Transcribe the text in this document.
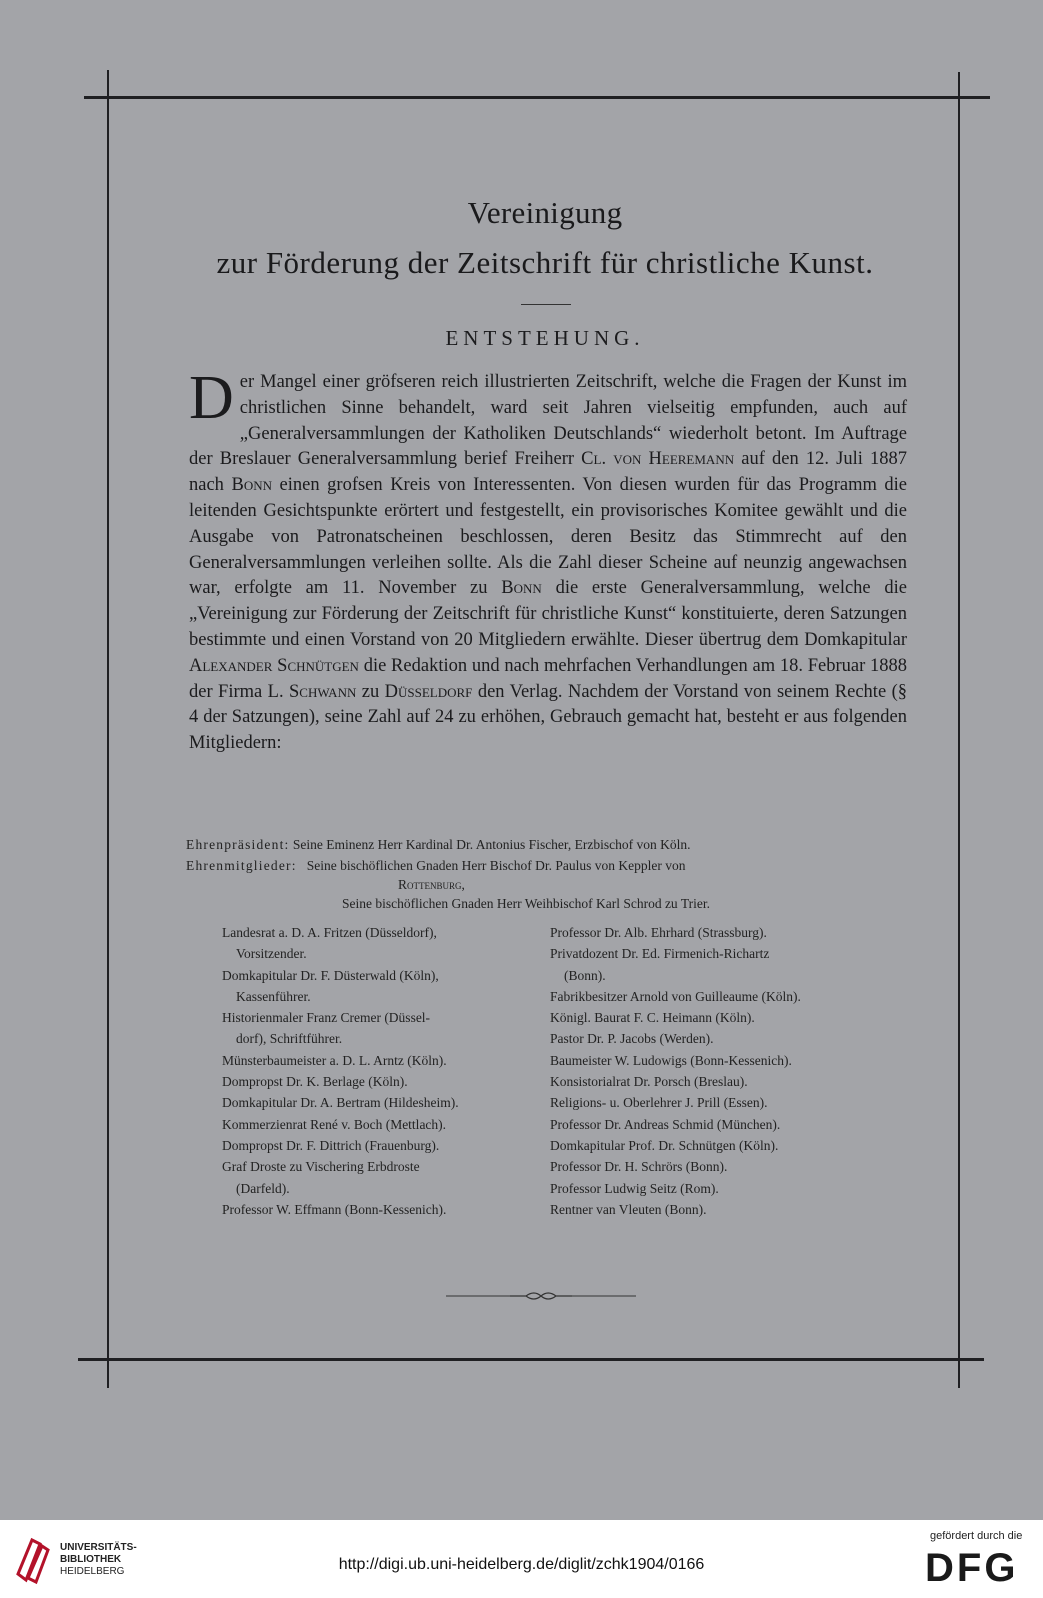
Vereinigung
zur Förderung der Zeitschrift für christliche Kunst.
ENTSTEHUNG.

Der Mangel einer gröfseren reich illustrierten Zeitschrift, welche die Fragen der Kunst im christlichen Sinne behandelt, ward seit Jahren vielseitig empfunden, auch auf „Generalversammlungen der Katholiken Deutschlands“ wiederholt betont. Im Auftrage der Breslauer Generalversammlung berief Freiherr Cl. von Heeremann auf den 12. Juli 1887 nach Bonn einen grofsen Kreis von Interessenten. Von diesen wurden für das Programm die leitenden Gesichtspunkte erörtert und festgestellt, ein provisorisches Komitee gewählt und die Ausgabe von Patronatscheinen beschlossen, deren Besitz das Stimmrecht auf den Generalversammlungen verleihen sollte. Als die Zahl dieser Scheine auf neunzig angewachsen war, erfolgte am 11. November zu Bonn die erste Generalversammlung, welche die „Vereinigung zur Förderung der Zeitschrift für christliche Kunst“ konstituierte, deren Satzungen bestimmte und einen Vorstand von 20 Mitgliedern erwählte. Dieser übertrug dem Domkapitular Alexander Schnütgen die Redaktion und nach mehrfachen Verhandlungen am 18. Februar 1888 der Firma L. Schwann zu Düsseldorf den Verlag. Nachdem der Vorstand von seinem Rechte (§ 4 der Satzungen), seine Zahl auf 24 zu erhöhen, Gebrauch gemacht hat, besteht er aus folgenden Mitgliedern:

Ehrenpräsident: Seine Eminenz Herr Kardinal Dr. Antonius Fischer, Erzbischof von Köln.
Ehrenmitglieder: Seine bischöflichen Gnaden Herr Bischof Dr. Paulus von Keppler von
Rottenburg,
Seine bischöflichen Gnaden Herr Weihbischof Karl Schrod zu Trier.
Landesrat a. D. A. Fritzen (Düsseldorf),
Vorsitzender.
Domkapitular Dr. F. Düsterwald (Köln),
Kassenführer.
Historienmaler Franz Cremer (Düssel-
dorf), Schriftführer.
Münsterbaumeister a. D. L. Arntz (Köln).
Dompropst Dr. K. Berlage (Köln).
Domkapitular Dr. A. Bertram (Hildesheim).
Kommerzienrat René v. Boch (Mettlach).
Dompropst Dr. F. Dittrich (Frauenburg).
Graf Droste zu Vischering Erbdroste
(Darfeld).
Professor W. Effmann (Bonn-Kessenich).
Professor Dr. Alb. Ehrhard (Strassburg).
Privatdozent Dr. Ed. Firmenich-Richartz
(Bonn).
Fabrikbesitzer Arnold von Guilleaume (Köln).
Königl. Baurat F. C. Heimann (Köln).
Pastor Dr. P. Jacobs (Werden).
Baumeister W. Ludowigs (Bonn-Kessenich).
Konsistorialrat Dr. Porsch (Breslau).
Religions- u. Oberlehrer J. Prill (Essen).
Professor Dr. Andreas Schmid (München).
Domkapitular Prof. Dr. Schnütgen (Köln).
Professor Dr. H. Schrörs (Bonn).
Professor Ludwig Seitz (Rom).
Rentner van Vleuten (Bonn).
UNIVERSITÄTS-
BIBLIOTHEK
HEIDELBERG	http://digi.ub.uni-heidelberg.de/diglit/zchk1904/0166
gefördert durch die
DFG
